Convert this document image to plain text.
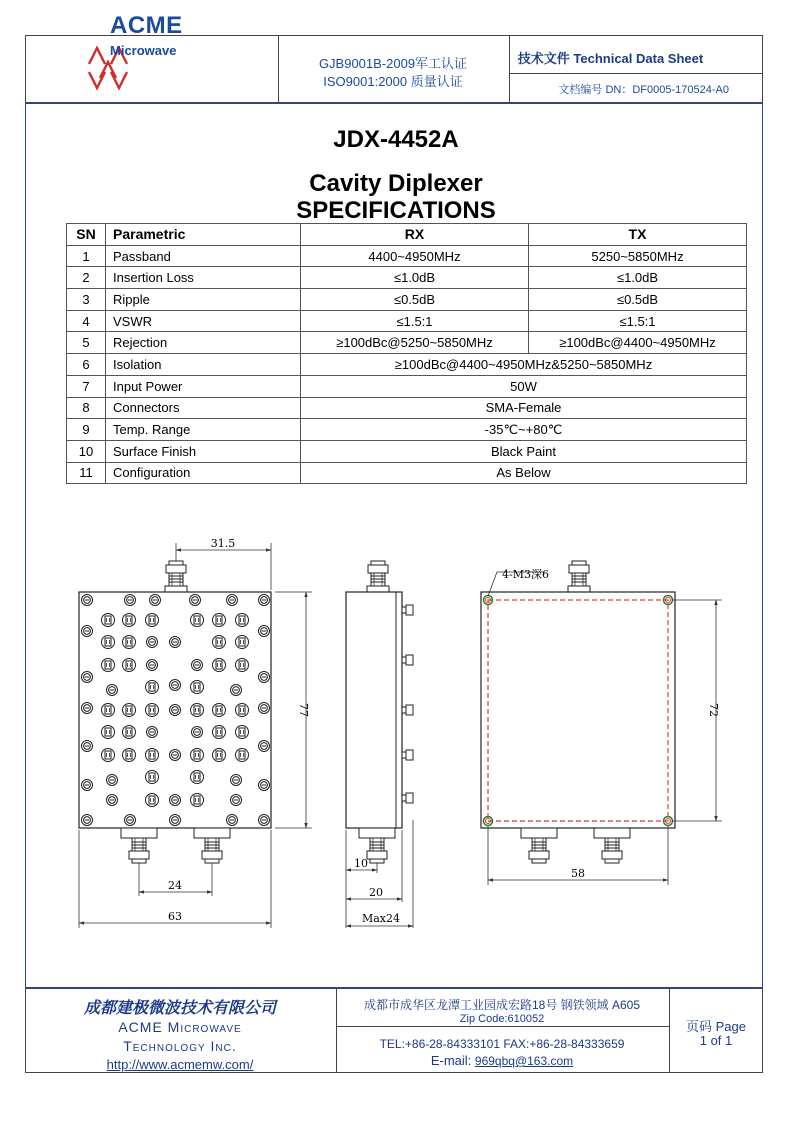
ACME
Microwave
GJB9001B-2009军工认证
ISO9001:2000 质量认证
技术文件 Technical Data Sheet
文档编号 DN：DF0005-170524-A0
JDX-4452A
Cavity Diplexer
SPECIFICATIONS
SN	Parametric	RX	TX
1	Passband	4400~4950MHz	5250~5850MHz
2	Insertion Loss	≤1.0dB	≤1.0dB
3	Ripple	≤0.5dB	≤0.5dB
4	VSWR	≤1.5:1	≤1.5:1
5	Rejection	≥100dBc@5250~5850MHz	≥100dBc@4400~4950MHz
6	Isolation	≥100dBc@4400~4950MHz&5250~5850MHz	
7	Input Power	50W	
8	Connectors	SMA-Female	
9	Temp. Range	-35℃~+80℃	
10	Surface Finish	Black Paint	
11	Configuration	As Below	
31.5
77
24
63
10
20
Max24
4-M3深6
72
58
成都建极微波技术有限公司
ACME Microwave
Technology Inc.
http://www.acmemw.com/
成都市成华区龙潭工业园成宏路18号 钢铁领域 A605
Zip Code:610052
TEL:+86-28-84333101 FAX:+86-28-84333659
E-mail: 969qbq@163.com
页码 Page
1 of 1
